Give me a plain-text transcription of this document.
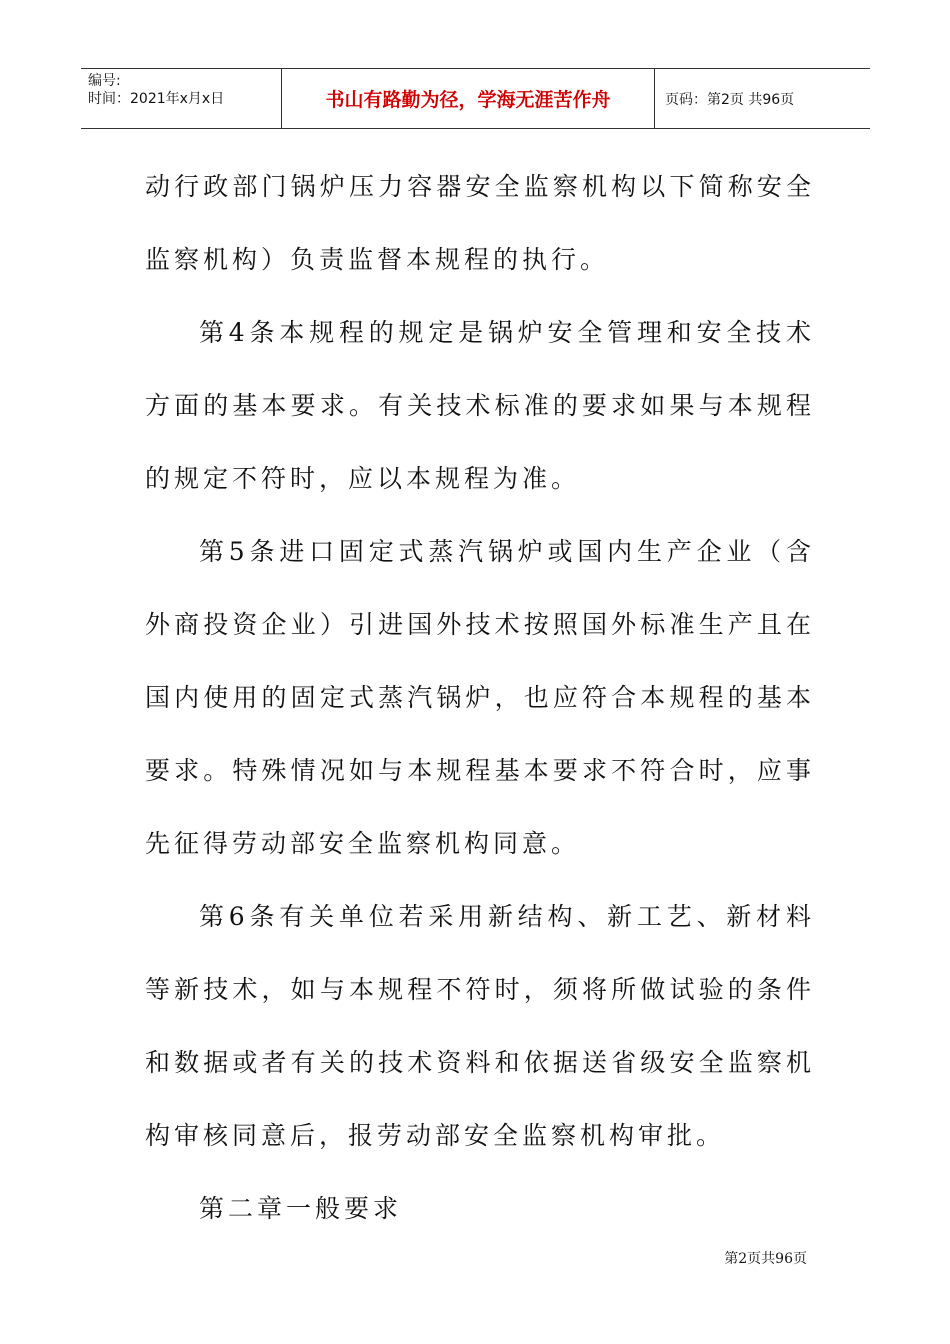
编号:
时间：2021年x月x日	书山有路勤为径，学海无涯苦作舟	页码：第2页 共96页

动行政部门锅炉压力容器安全监察机构以下简称安全监察机构）负责监督本规程的执行。

第4条本规程的规定是锅炉安全管理和安全技术方面的基本要求。有关技术标准的要求如果与本规程的规定不符时，应以本规程为准。

第5条进口固定式蒸汽锅炉或国内生产企业（含外商投资企业）引进国外技术按照国外标准生产且在国内使用的固定式蒸汽锅炉，也应符合本规程的基本要求。特殊情况如与本规程基本要求不符合时，应事先征得劳动部安全监察机构同意。

第6条有关单位若采用新结构、新工艺、新材料等新技术，如与本规程不符时，须将所做试验的条件和数据或者有关的技术资料和依据送省级安全监察机构审核同意后，报劳动部安全监察机构审批。

第二章一般要求

第2页共96页
